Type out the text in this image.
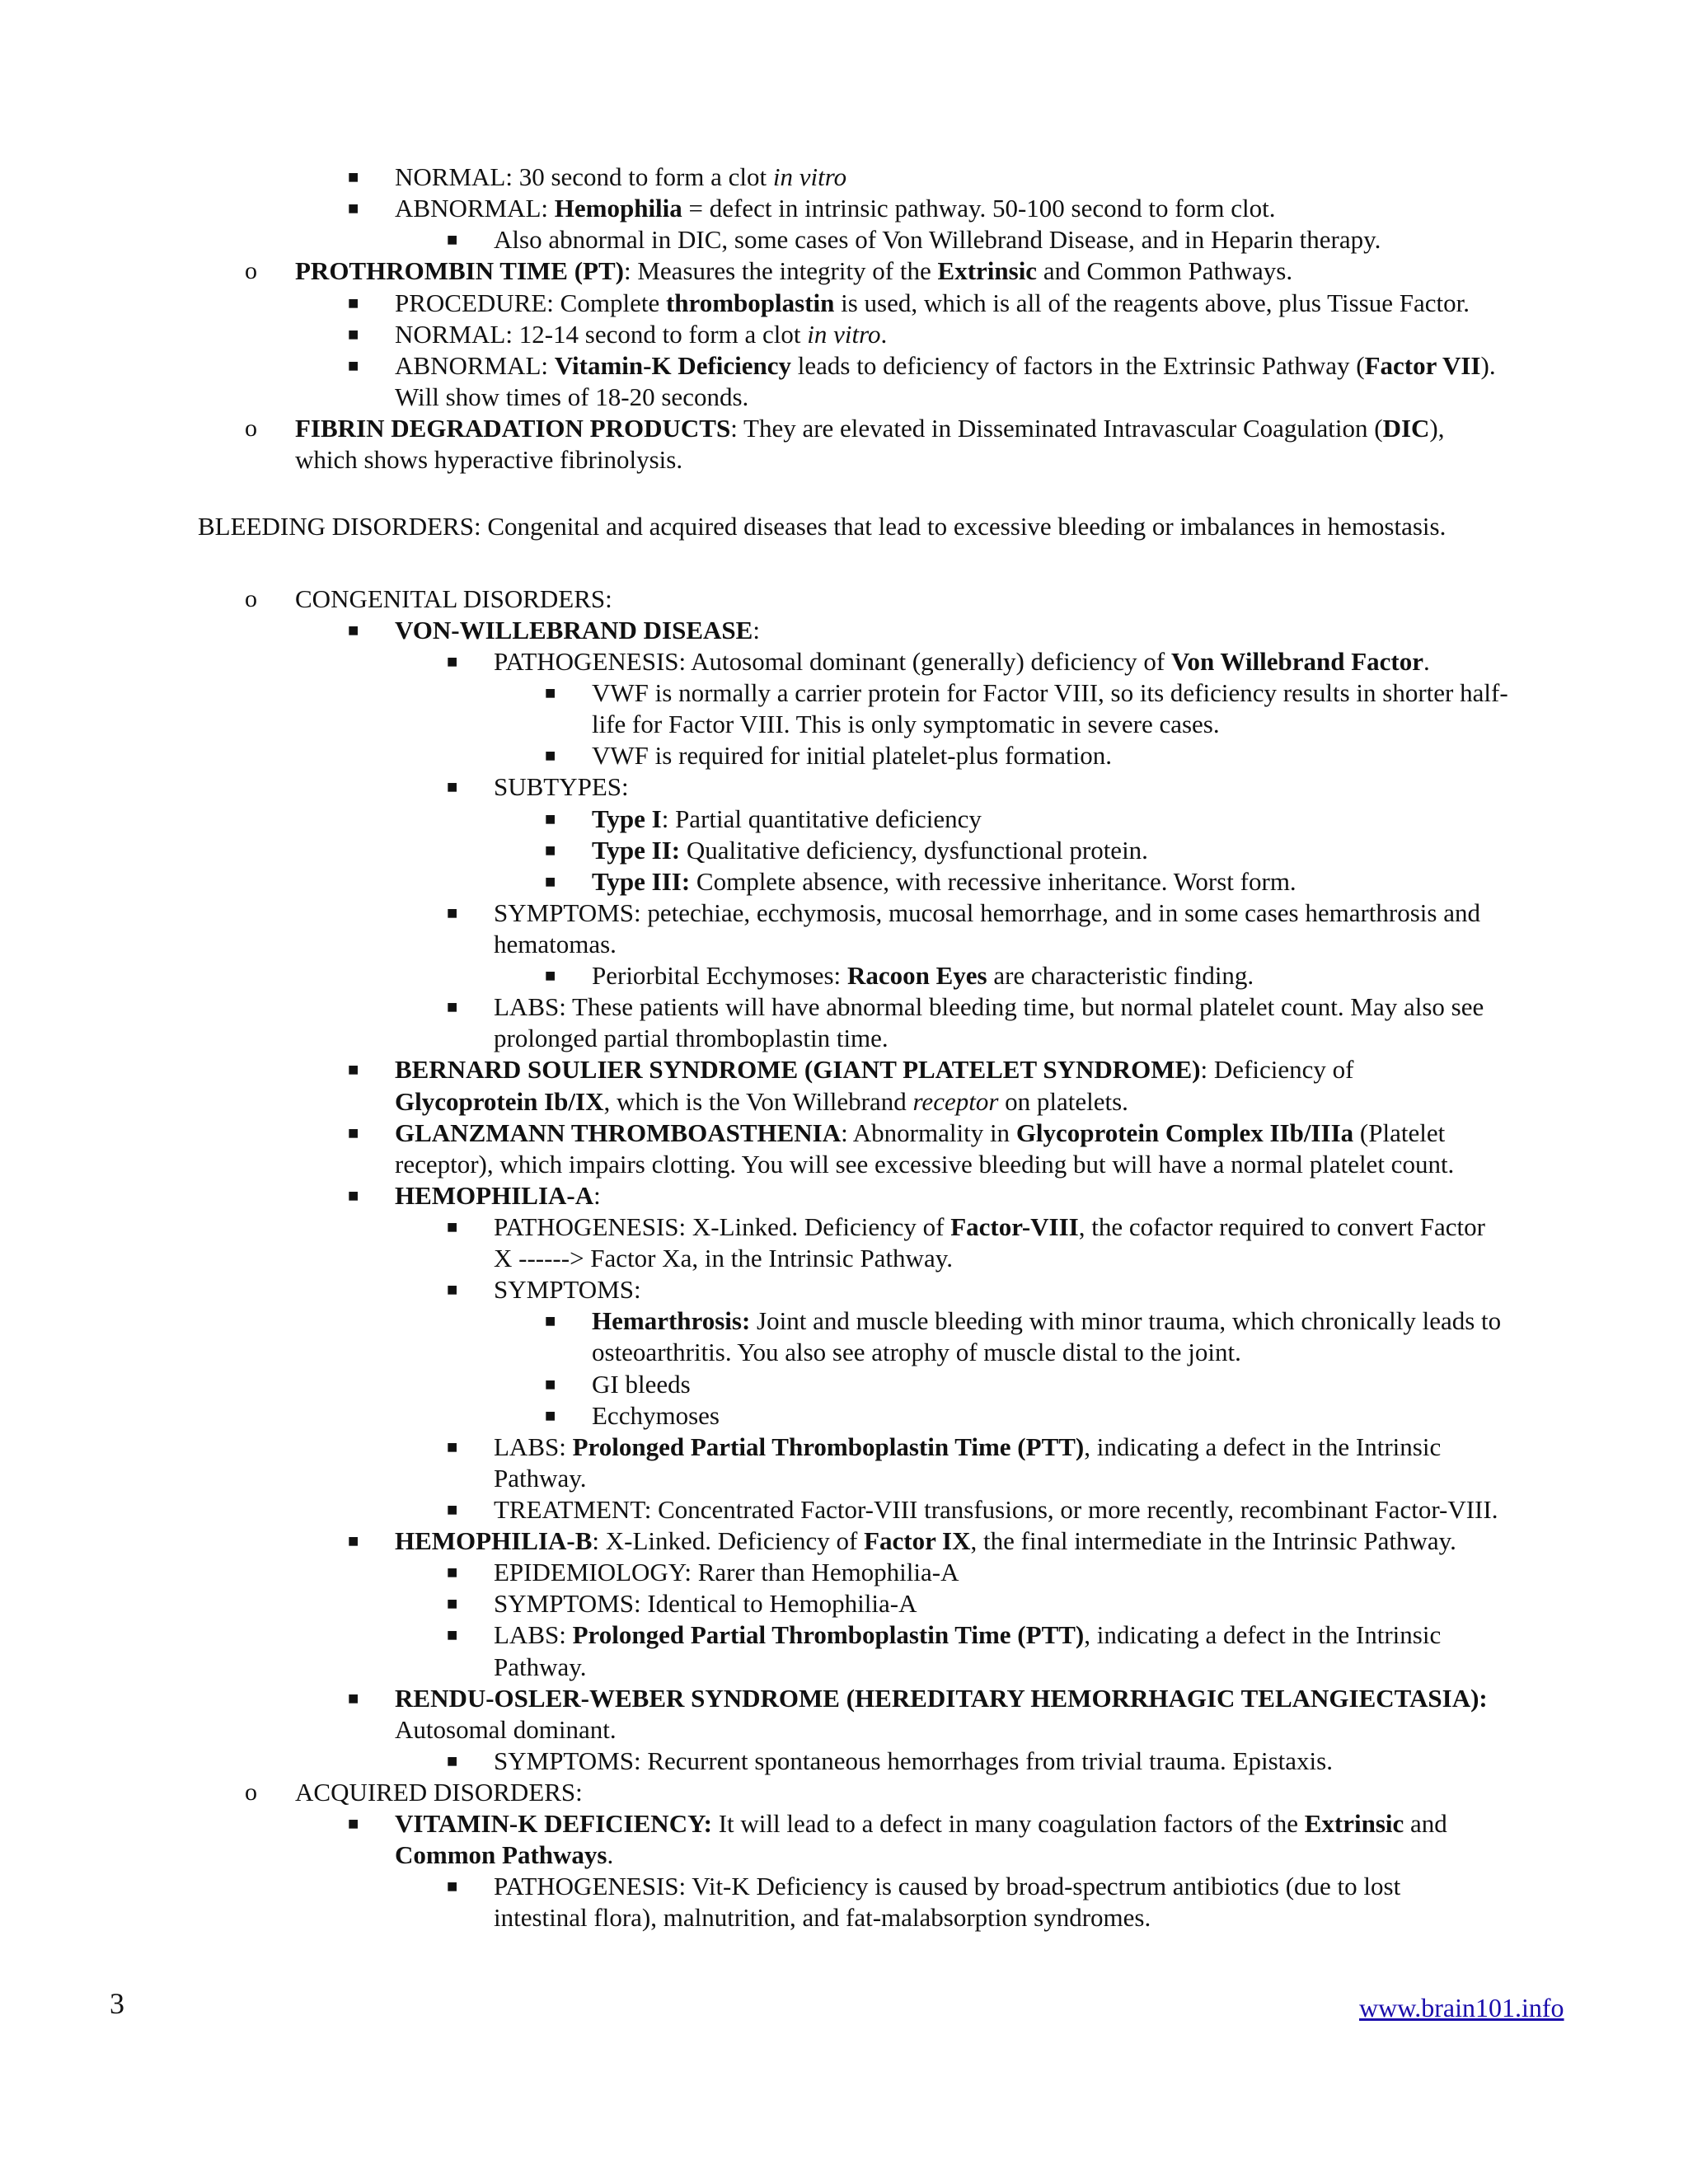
■ NORMAL: 30 second to form a clot in vitro
■ ABNORMAL: Hemophilia = defect in intrinsic pathway. 50-100 second to form clot.
■ Also abnormal in DIC, some cases of Von Willebrand Disease, and in Heparin therapy.
o PROTHROMBIN TIME (PT): Measures the integrity of the Extrinsic and Common Pathways.
■ PROCEDURE: Complete thromboplastin is used, which is all of the reagents above, plus Tissue Factor.
■ NORMAL: 12-14 second to form a clot in vitro.
■ ABNORMAL: Vitamin-K Deficiency leads to deficiency of factors in the Extrinsic Pathway (Factor VII).
Will show times of 18-20 seconds.
o FIBRIN DEGRADATION PRODUCTS: They are elevated in Disseminated Intravascular Coagulation (DIC),
which shows hyperactive fibrinolysis.
BLEEDING DISORDERS: Congenital and acquired diseases that lead to excessive bleeding or imbalances in hemostasis.
o CONGENITAL DISORDERS:
■ VON-WILLEBRAND DISEASE:
■ PATHOGENESIS: Autosomal dominant (generally) deficiency of Von Willebrand Factor.
■ VWF is normally a carrier protein for Factor VIII, so its deficiency results in shorter half-
life for Factor VIII. This is only symptomatic in severe cases.
■ VWF is required for initial platelet-plus formation.
■ SUBTYPES:
■ Type I: Partial quantitative deficiency
■ Type II: Qualitative deficiency, dysfunctional protein.
■ Type III: Complete absence, with recessive inheritance. Worst form.
■ SYMPTOMS: petechiae, ecchymosis, mucosal hemorrhage, and in some cases hemarthrosis and
hematomas.
■ Periorbital Ecchymoses: Racoon Eyes are characteristic finding.
■ LABS: These patients will have abnormal bleeding time, but normal platelet count. May also see
prolonged partial thromboplastin time.
■ BERNARD SOULIER SYNDROME (GIANT PLATELET SYNDROME): Deficiency of
Glycoprotein Ib/IX, which is the Von Willebrand receptor on platelets.
■ GLANZMANN THROMBOASTHENIA: Abnormality in Glycoprotein Complex IIb/IIIa (Platelet
receptor), which impairs clotting. You will see excessive bleeding but will have a normal platelet count.
■ HEMOPHILIA-A:
■ PATHOGENESIS: X-Linked. Deficiency of Factor-VIII, the cofactor required to convert Factor
X ------> Factor Xa, in the Intrinsic Pathway.
■ SYMPTOMS:
■ Hemarthrosis: Joint and muscle bleeding with minor trauma, which chronically leads to
osteoarthritis. You also see atrophy of muscle distal to the joint.
■ GI bleeds
■ Ecchymoses
■ LABS: Prolonged Partial Thromboplastin Time (PTT), indicating a defect in the Intrinsic
Pathway.
■ TREATMENT: Concentrated Factor-VIII transfusions, or more recently, recombinant Factor-VIII.
■ HEMOPHILIA-B: X-Linked. Deficiency of Factor IX, the final intermediate in the Intrinsic Pathway.
■ EPIDEMIOLOGY: Rarer than Hemophilia-A
■ SYMPTOMS: Identical to Hemophilia-A
■ LABS: Prolonged Partial Thromboplastin Time (PTT), indicating a defect in the Intrinsic
Pathway.
■ RENDU-OSLER-WEBER SYNDROME (HEREDITARY HEMORRHAGIC TELANGIECTASIA):
Autosomal dominant.
■ SYMPTOMS: Recurrent spontaneous hemorrhages from trivial trauma. Epistaxis.
o ACQUIRED DISORDERS:
■ VITAMIN-K DEFICIENCY: It will lead to a defect in many coagulation factors of the Extrinsic and
Common Pathways.
■ PATHOGENESIS: Vit-K Deficiency is caused by broad-spectrum antibiotics (due to lost
intestinal flora), malnutrition, and fat-malabsorption syndromes.
3	www.brain101.info
